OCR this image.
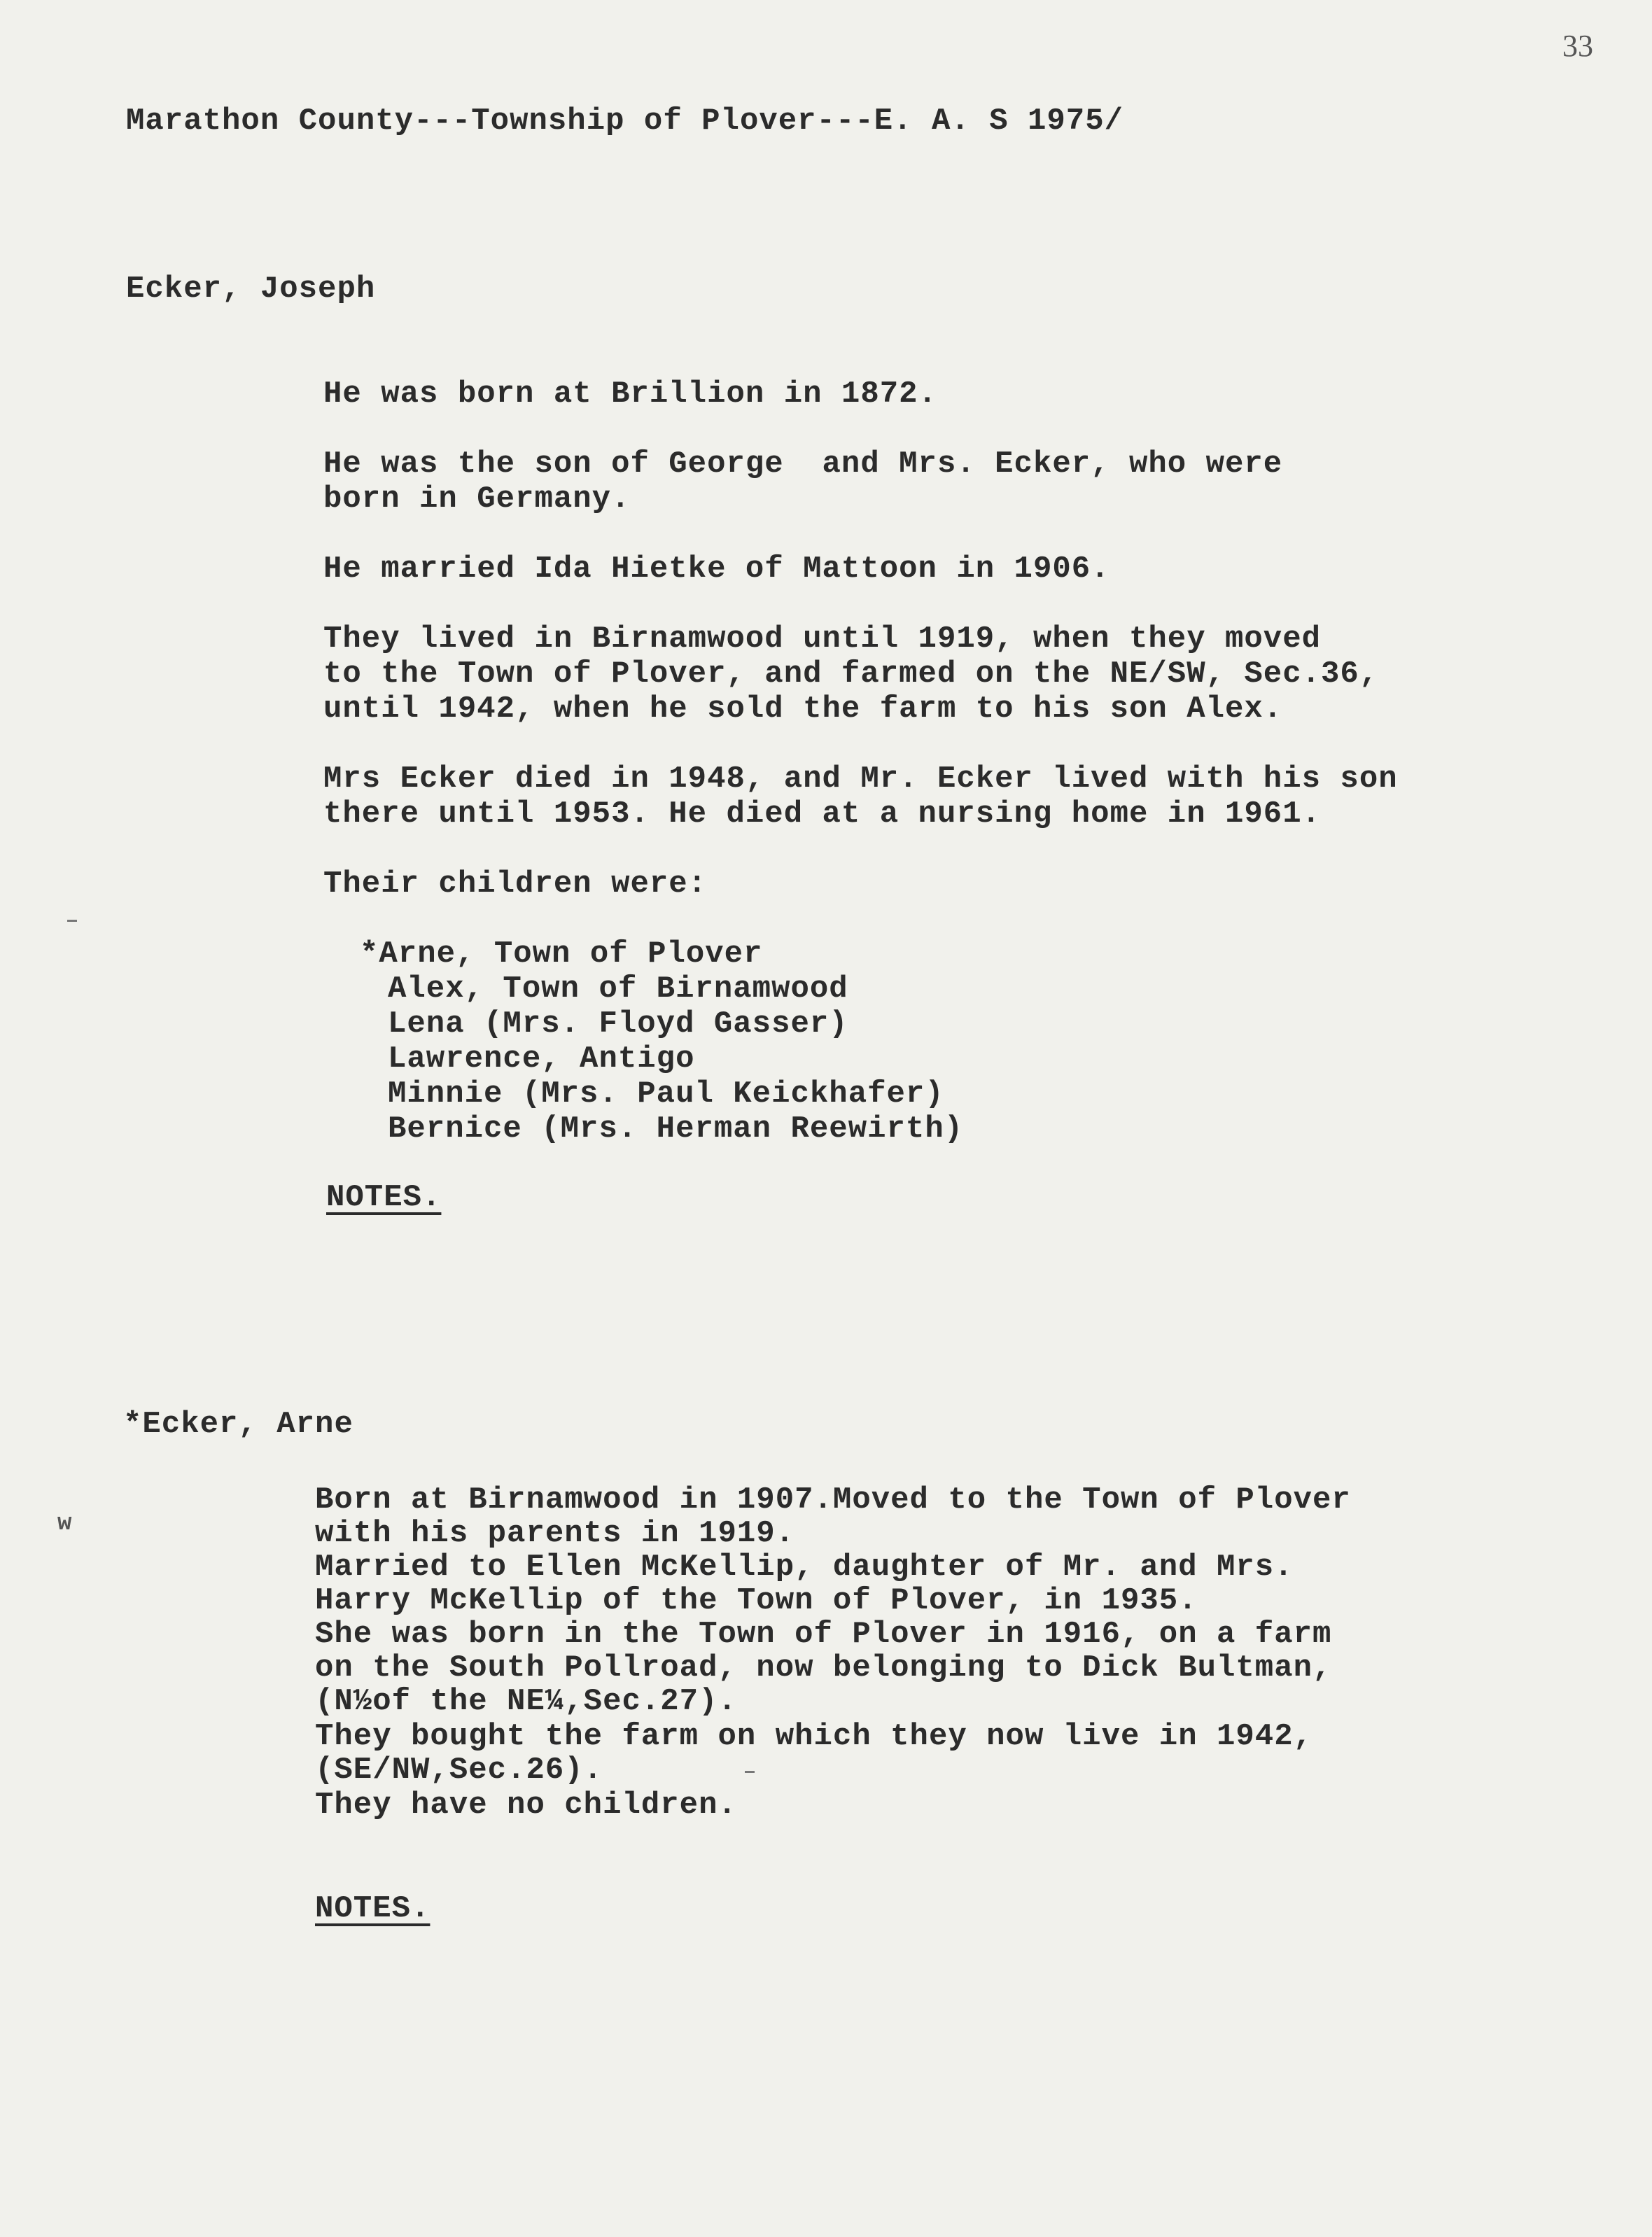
33
Marathon County---Township of Plover---E. A. S 1975/
Ecker, Joseph
He was born at Brillion in 1872.
He was the son of George  and Mrs. Ecker, who were
born in Germany.
He married Ida Hietke of Mattoon in 1906.
They lived in Birnamwood until 1919, when they moved
to the Town of Plover, and farmed on the NE/SW, Sec.36,
until 1942, when he sold the farm to his son Alex.
Mrs Ecker died in 1948, and Mr. Ecker lived with his son
there until 1953. He died at a nursing home in 1961.
Their children were:
*Arne, Town of Plover
Alex, Town of Birnamwood
Lena (Mrs. Floyd Gasser)
Lawrence, Antigo
Minnie (Mrs. Paul Keickhafer)
Bernice (Mrs. Herman Reewirth)
NOTES.
*Ecker, Arne
w
Born at Birnamwood in 1907.Moved to the Town of Plover
with his parents in 1919.
Married to Ellen McKellip, daughter of Mr. and Mrs.
Harry McKellip of the Town of Plover, in 1935.
She was born in the Town of Plover in 1916, on a farm
on the South Pollroad, now belonging to Dick Bultman,
(N½of the NE¼,Sec.27).
They bought the farm on which they now live in 1942,
(SE/NW,Sec.26).
They have no children.
NOTES.
